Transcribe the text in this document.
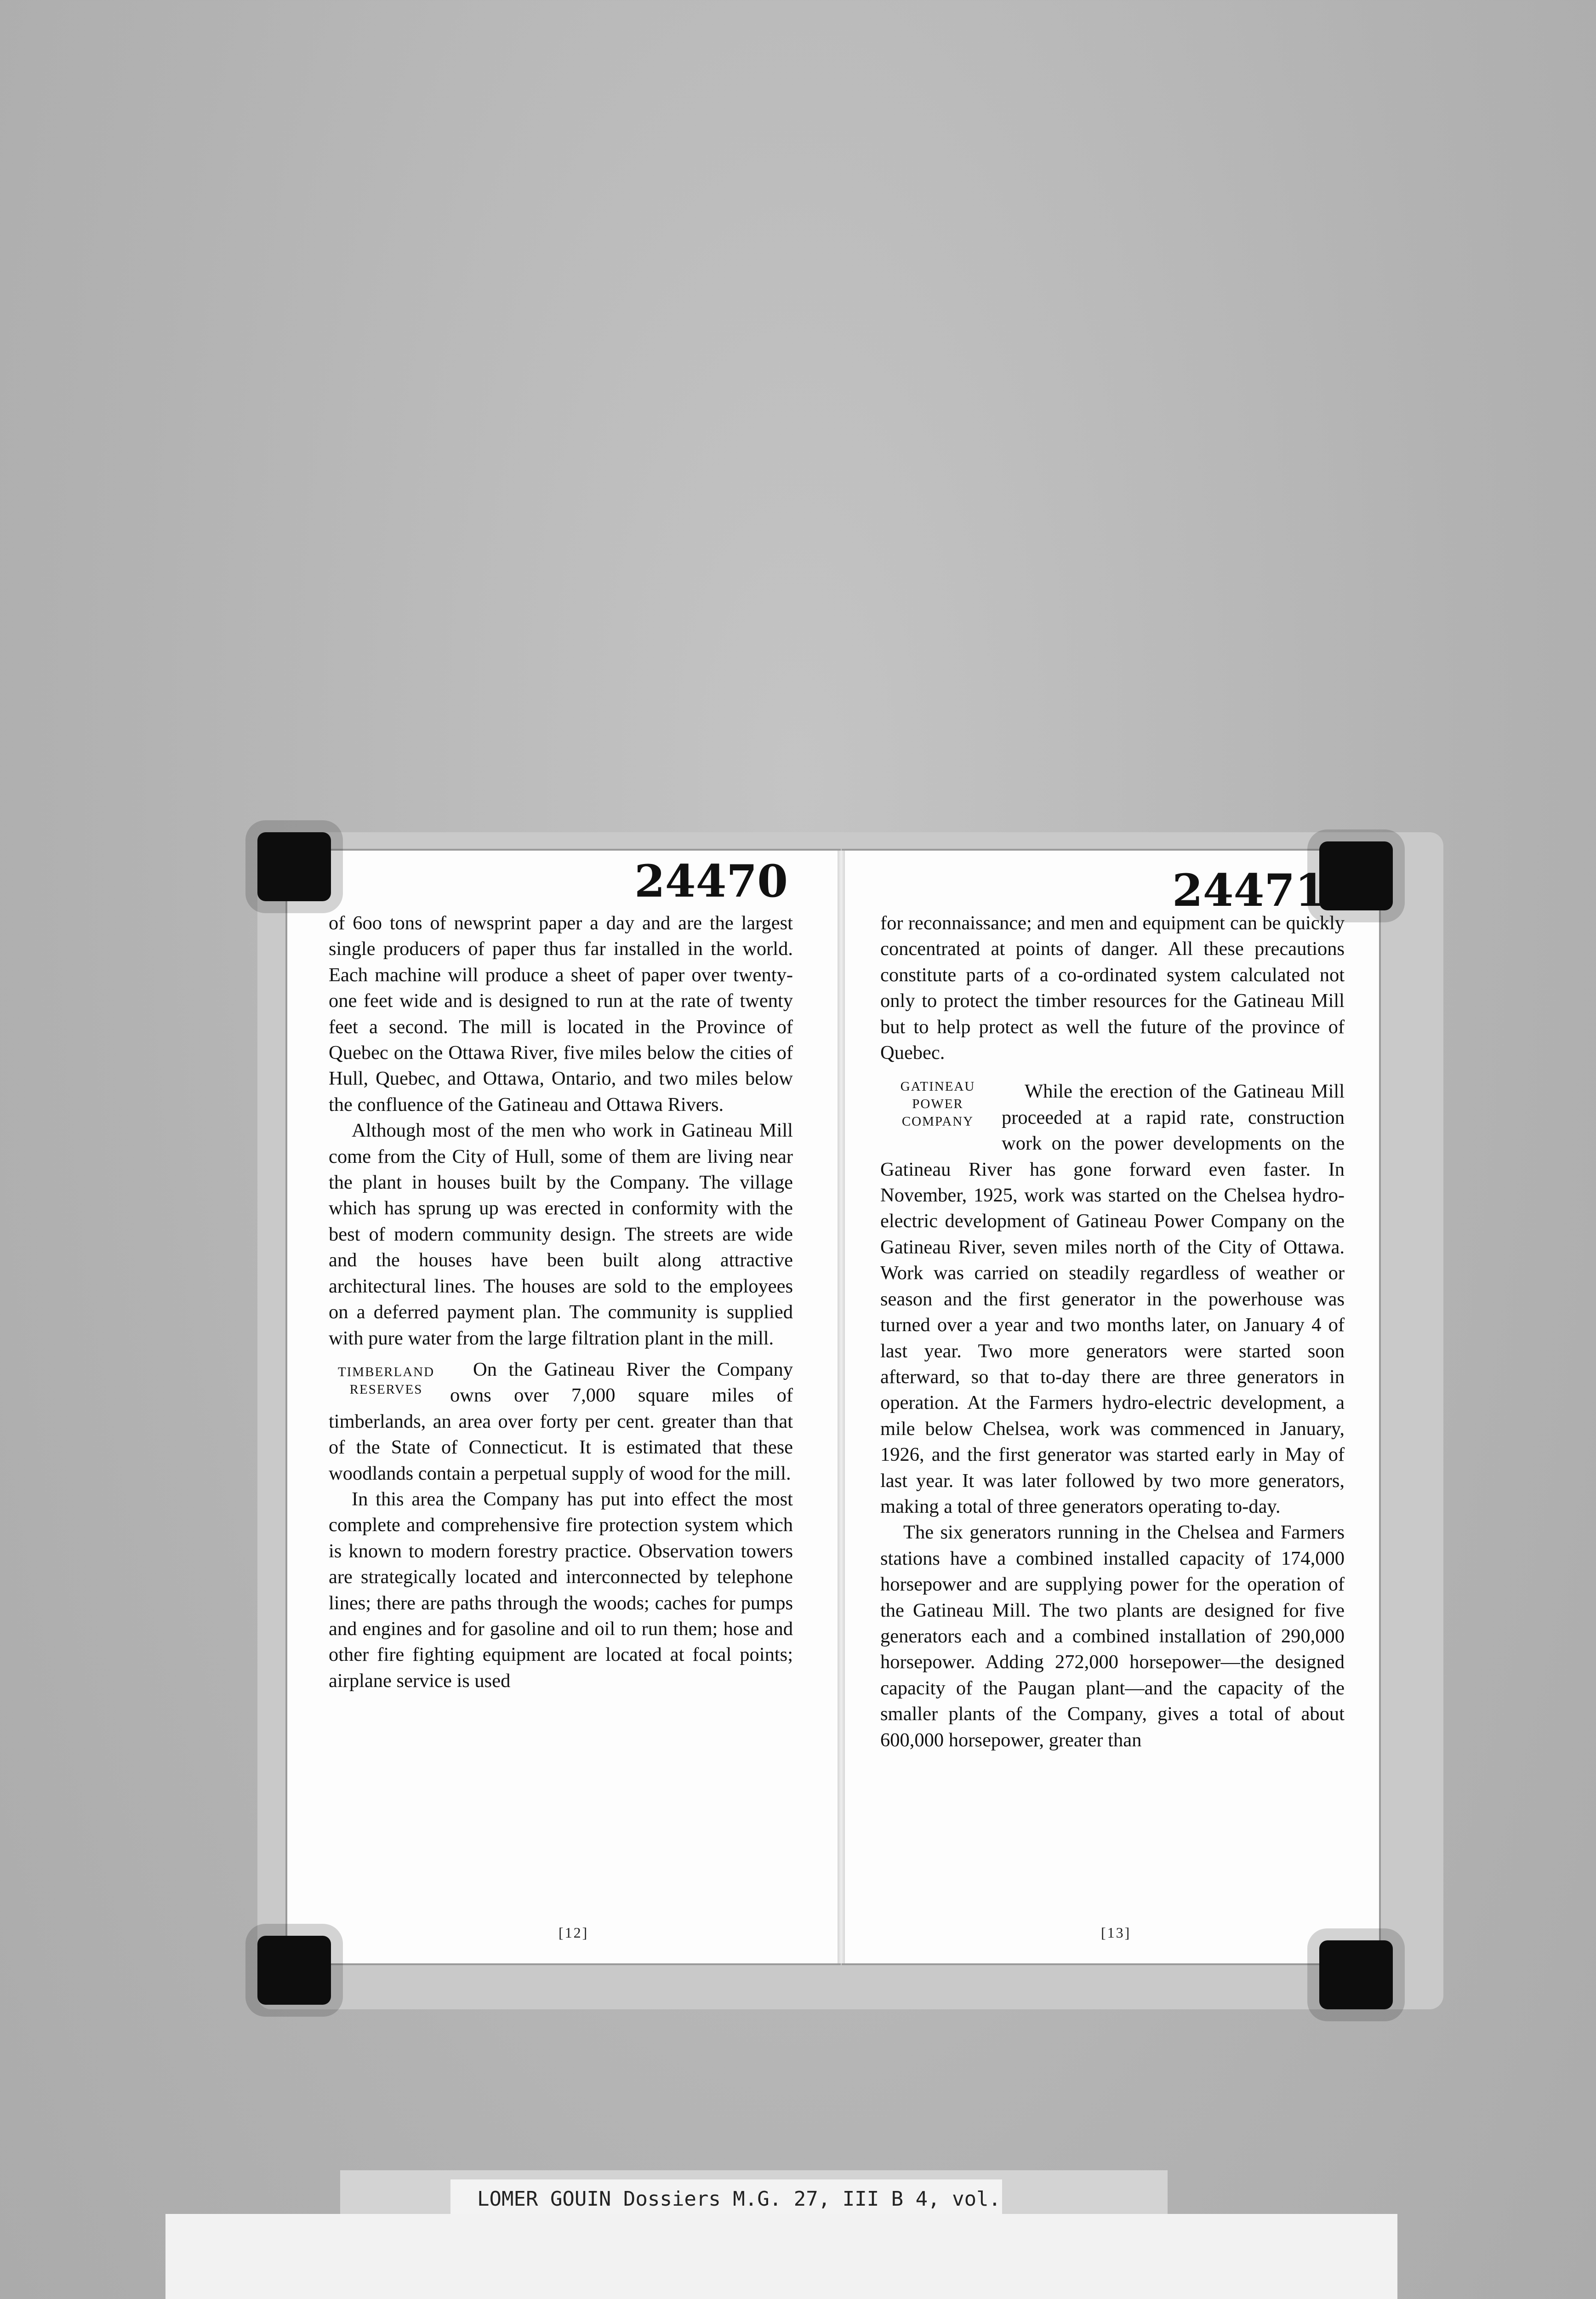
24470	24471

of 6oo tons of newsprint paper a day and are the largest single producers of paper thus far installed in the world. Each machine will produce a sheet of paper over twenty-one feet wide and is designed to run at the rate of twenty feet a second. The mill is located in the Province of Quebec on the Ottawa River, five miles below the cities of Hull, Quebec, and Ottawa, Ontario, and two miles below the confluence of the Gatineau and Ottawa Rivers.

Although most of the men who work in Gatineau Mill come from the City of Hull, some of them are living near the plant in houses built by the Company. The village which has sprung up was erected in conformity with the best of modern community design. The streets are wide and the houses have been built along attractive architectural lines. The houses are sold to the employees on a deferred payment plan. The community is supplied with pure water from the large filtration plant in the mill.

TIMBERLAND RESERVES

On the Gatineau River the Company owns over 7,000 square miles of timberlands, an area over forty per cent. greater than that of the State of Connecticut. It is estimated that these woodlands contain a perpetual supply of wood for the mill.

In this area the Company has put into effect the most complete and comprehensive fire protection system which is known to modern forestry practice. Observation towers are strategically located and interconnected by telephone lines; there are paths through the woods; caches for pumps and engines and for gasoline and oil to run them; hose and other fire fighting equipment are located at focal points; airplane service is used

for reconnaissance; and men and equipment can be quickly concentrated at points of danger. All these precautions constitute parts of a co-ordinated system calculated not only to protect the timber resources for the Gatineau Mill but to help protect as well the future of the province of Quebec.

GATINEAU POWER COMPANY

While the erection of the Gatineau Mill proceeded at a rapid rate, construction work on the power developments on the Gatineau River has gone forward even faster. In November, 1925, work was started on the Chelsea hydro-electric development of Gatineau Power Company on the Gatineau River, seven miles north of the City of Ottawa. Work was carried on steadily regardless of weather or season and the first generator in the powerhouse was turned over a year and two months later, on January 4 of last year. Two more generators were started soon afterward, so that to-day there are three generators in operation. At the Farmers hydro-electric development, a mile below Chelsea, work was commenced in January, 1926, and the first generator was started early in May of last year. It was later followed by two more generators, making a total of three generators operating to-day.

The six generators running in the Chelsea and Farmers stations have a combined installed capacity of 174,000 horsepower and are supplying power for the operation of the Gatineau Mill. The two plants are designed for five generators each and a combined installation of 290,000 horsepower. Adding 272,000 horsepower—the designed capacity of the Paugan plant—and the capacity of the smaller plants of the Company, gives a total of about 600,000 horsepower, greater than

[12]	[13]
LOMER GOUIN Dossiers M.G. 27, III B 4, vol.
